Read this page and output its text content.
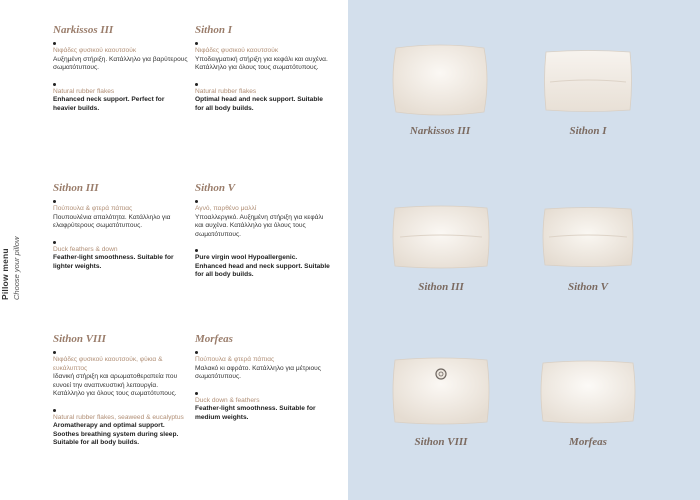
Pillow menu Choose your pillow
Narkissos III
Νιφάδες φυσικού καουτσούκ
Αυξημένη στήριξη. Κατάλληλο για βαρύτερους σωματότυπους.
Natural rubber flakes
Enhanced neck support. Perfect for heavier builds.
Sithon I
Νιφάδες φυσικού καουτσούκ
Υποδειγματική στήριξη για κεφάλι και αυχένα. Κατάλληλο για όλους τους σωματότυπους.
Natural rubber flakes
Optimal head and neck support. Suitable for all body builds.
Sithon III
Πούπουλα & φτερά πάπιας
Πουπουλένια απαλότητα. Κατάλληλο για ελαφρύτερους σωματότυπους.
Duck feathers & down
Feather-light smoothness. Suitable for lighter weights.
Sithon V
Αγνό, παρθένο μαλλί
Υποαλλεργικό. Αυξημένη στήριξη για κεφάλι και αυχένα. Κατάλληλο για όλους τους σωματότυπους.
Pure virgin wool Hypoallergenic. Enhanced head and neck support. Suitable for all body builds.
Sithon VIII
Νιφάδες φυσικού καουτσούκ, φύκια & ευκάλυπτος
Ιδανική στήριξη και αρωματοθεραπεία που ευνοεί την αναπνευστική λειτουργία. Κατάλληλο για όλους τους σωματότυπους.
Natural rubber flakes, seaweed & eucalyptus
Aromatherapy and optimal support. Soothes breathing system during sleep. Suitable for all body builds.
Morfeas
Πούπουλα & φτερά πάπιας
Μαλακό κι αφράτο. Κατάλληλο για μέτριους σωματότυπους.
Duck down & feathers
Feather-light smoothness. Suitable for medium weights.
Narkissos III	Sithon I
Sithon III	Sithon V
Sithon VIII	Morfeas
